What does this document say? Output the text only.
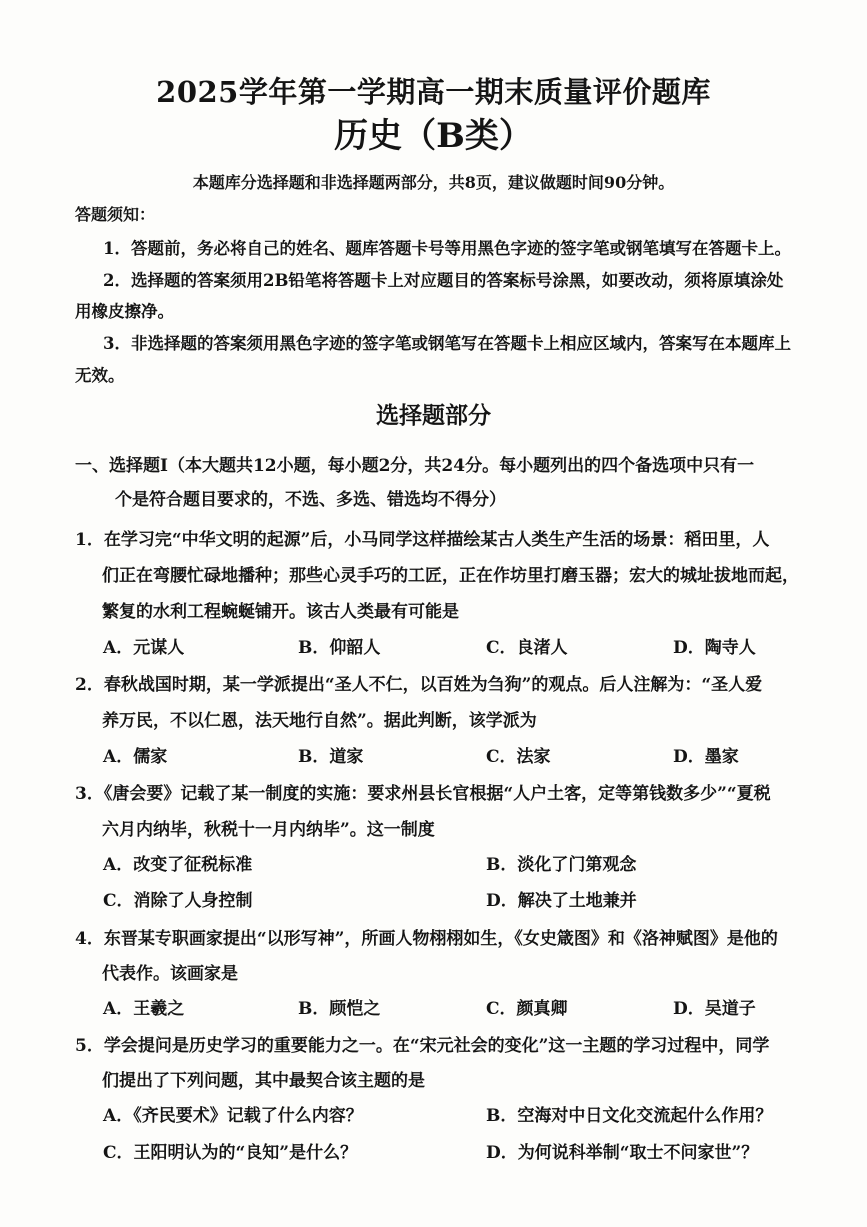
2025学年第一学期高一期末质量评价题库
历史（B类）
本题库分选择题和非选择题两部分，共8页，建议做题时间90分钟。
答题须知：
1．答题前，务必将自己的姓名、题库答题卡号等用黑色字迹的签字笔或钢笔填写在答题卡上。
2．选择题的答案须用2B铅笔将答题卡上对应题目的答案标号涂黑，如要改动，须将原填涂处
用橡皮擦净。
3．非选择题的答案须用黑色字迹的签字笔或钢笔写在答题卡上相应区域内，答案写在本题库上
无效。
选择题部分
一、选择题Ⅰ（本大题共12小题，每小题2分，共24分。每小题列出的四个备选项中只有一
个是符合题目要求的，不选、多选、错选均不得分）
1．在学习完“中华文明的起源”后，小马同学这样描绘某古人类生产生活的场景：稻田里，人
们正在弯腰忙碌地播种；那些心灵手巧的工匠，正在作坊里打磨玉器；宏大的城址拔地而起，
繁复的水利工程蜿蜒铺开。该古人类最有可能是
A．元谋人	B．仰韶人	C．良渚人	D．陶寺人
2．春秋战国时期，某一学派提出“圣人不仁，以百姓为刍狗”的观点。后人注解为：“圣人爱
养万民，不以仁恩，法天地行自然”。据此判断，该学派为
A．儒家	B．道家	C．法家	D．墨家
3．《唐会要》记载了某一制度的实施：要求州县长官根据“人户土客，定等第钱数多少”“夏税
六月内纳毕，秋税十一月内纳毕”。这一制度
A．改变了征税标准	B．淡化了门第观念
C．消除了人身控制	D．解决了土地兼并
4．东晋某专职画家提出“以形写神”，所画人物栩栩如生，《女史箴图》和《洛神赋图》是他的
代表作。该画家是
A．王羲之	B．顾恺之	C．颜真卿	D．吴道子
5．学会提问是历史学习的重要能力之一。在“宋元社会的变化”这一主题的学习过程中，同学
们提出了下列问题，其中最契合该主题的是
A．《齐民要术》记载了什么内容？	B．空海对中日文化交流起什么作用？
C．王阳明认为的“良知”是什么？	D．为何说科举制“取士不问家世”？
